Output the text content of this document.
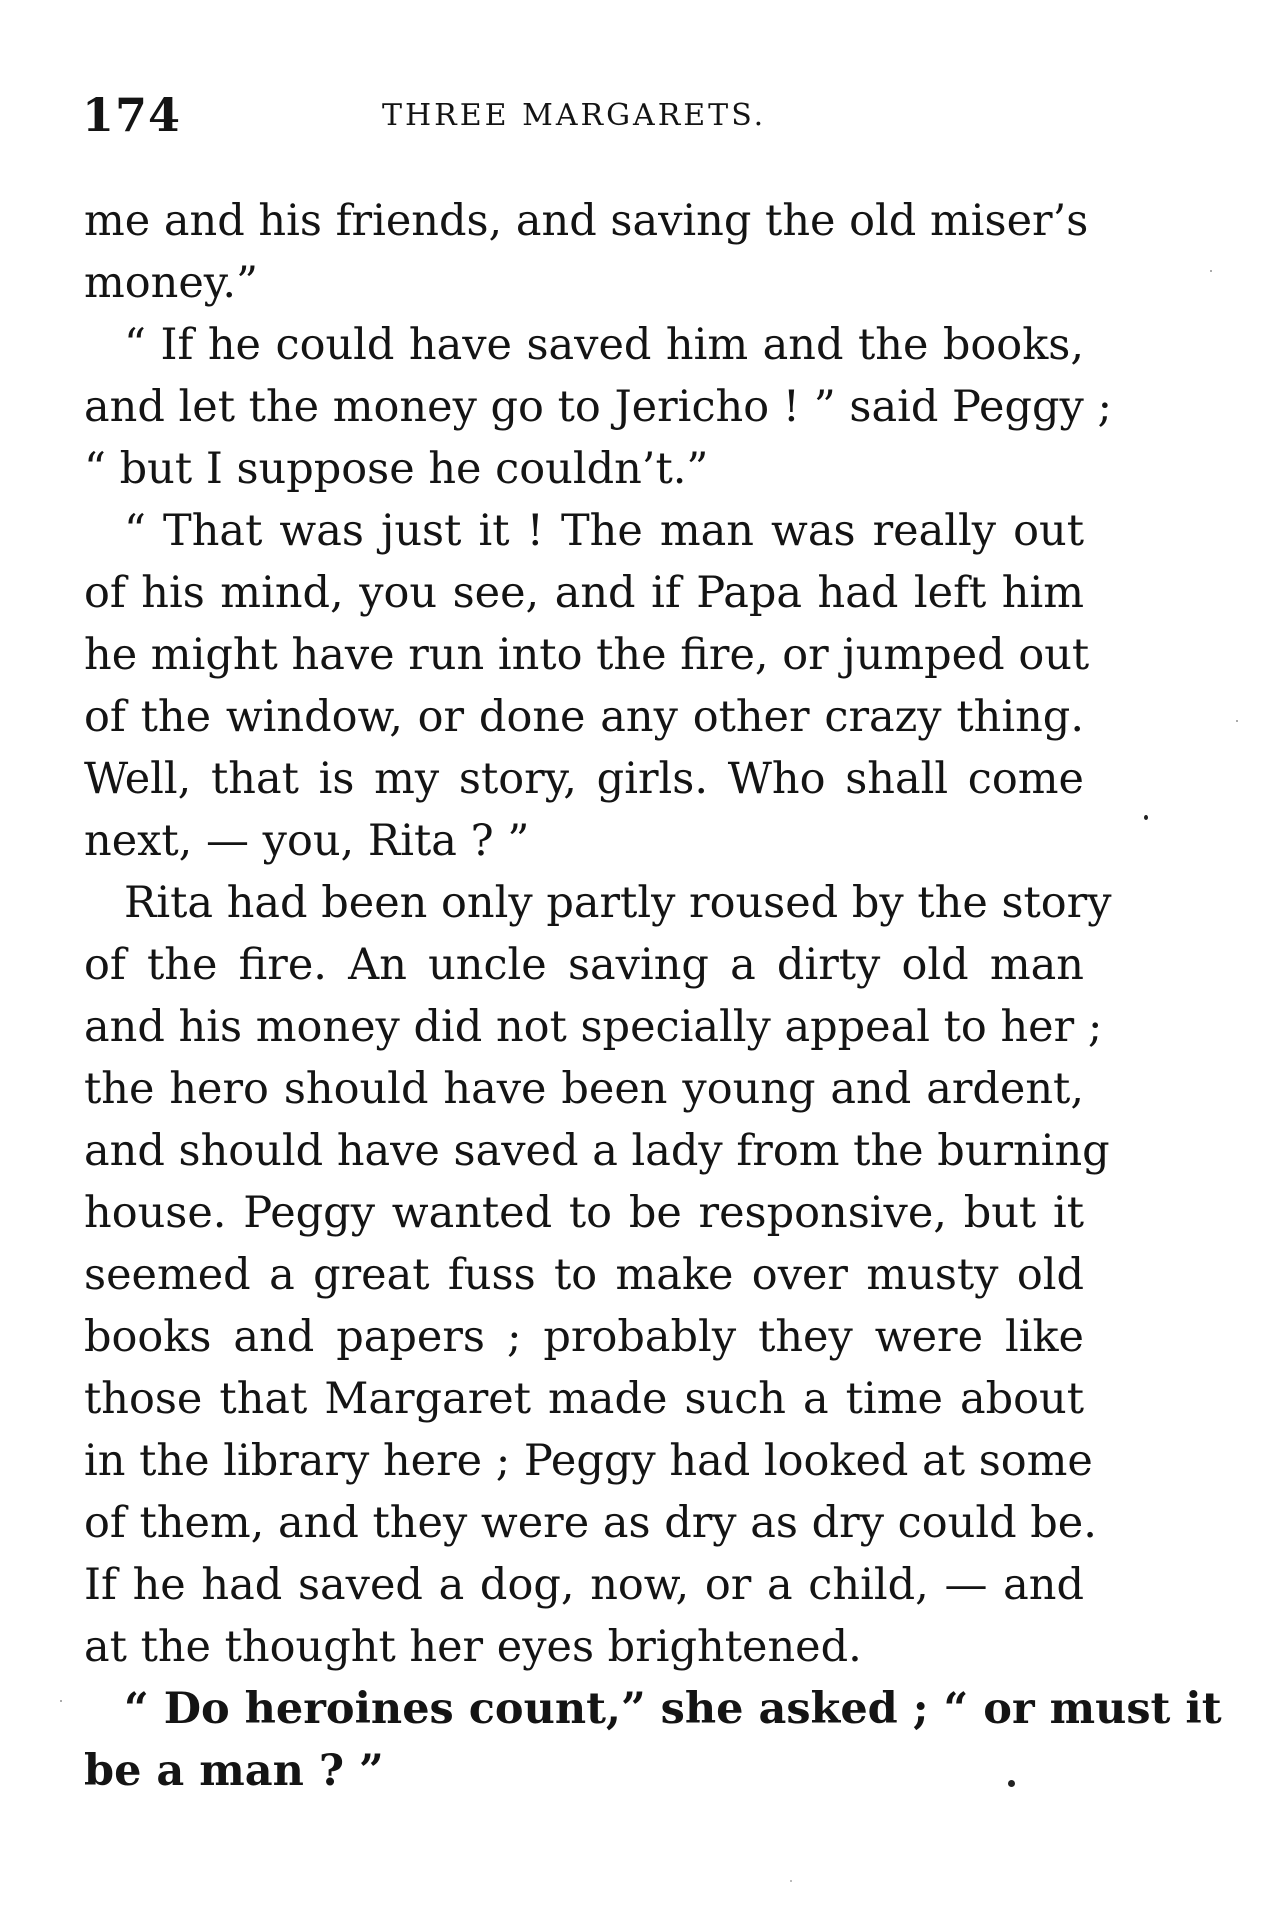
174	THREE MARGARETS.
me and his friends, and saving the old miser’s
money.”
“ If he could have saved him and the books,
and let the money go to Jericho ! ” said Peggy ;
“ but I suppose he couldn’t.”
“ That was just it ! The man was really out
of his mind, you see, and if Papa had left him
he might have run into the fire, or jumped out
of the window, or done any other crazy thing.
Well, that is my story, girls. Who shall come
next, — you, Rita ? ”
Rita had been only partly roused by the story
of the fire. An uncle saving a dirty old man
and his money did not specially appeal to her ;
the hero should have been young and ardent,
and should have saved a lady from the burning
house. Peggy wanted to be responsive, but it
seemed a great fuss to make over musty old
books and papers ; probably they were like
those that Margaret made such a time about
in the library here ; Peggy had looked at some
of them, and they were as dry as dry could be.
If he had saved a dog, now, or a child, — and
at the thought her eyes brightened.
“ Do heroines count,” she asked ; “ or must it
be a man ? ”
